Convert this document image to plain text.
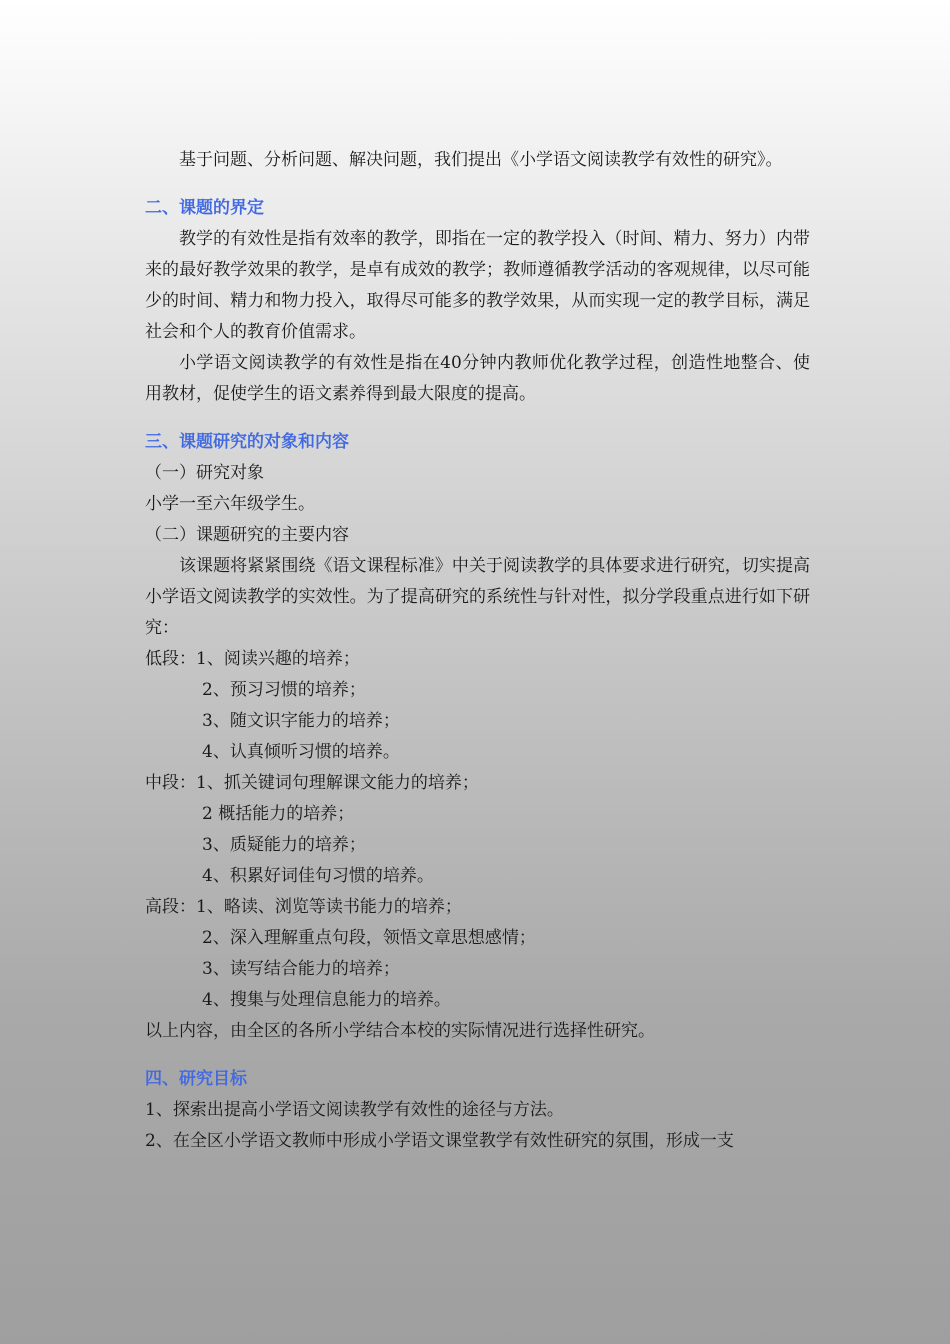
基于问题、分析问题、解决问题，我们提出《小学语文阅读教学有效性的研究》。

二、课题的界定

教学的有效性是指有效率的教学，即指在一定的教学投入（时间、精力、努力）内带来的最好教学效果的教学，是卓有成效的教学；教师遵循教学活动的客观规律，以尽可能少的时间、精力和物力投入，取得尽可能多的教学效果，从而实现一定的教学目标，满足社会和个人的教育价值需求。

小学语文阅读教学的有效性是指在40分钟内教师优化教学过程，创造性地整合、使用教材，促使学生的语文素养得到最大限度的提高。

三、课题研究的对象和内容

（一）研究对象

小学一至六年级学生。

（二）课题研究的主要内容

该课题将紧紧围绕《语文课程标准》中关于阅读教学的具体要求进行研究，切实提高小学语文阅读教学的实效性。为了提高研究的系统性与针对性，拟分学段重点进行如下研究：

低段：1、阅读兴趣的培养；

2、预习习惯的培养；

3、随文识字能力的培养；

4、认真倾听习惯的培养。

中段：1、抓关键词句理解课文能力的培养；

2 概括能力的培养；

3、质疑能力的培养；

4、积累好词佳句习惯的培养。

高段：1、略读、浏览等读书能力的培养；

2、深入理解重点句段，领悟文章思想感情；

3、读写结合能力的培养；

4、搜集与处理信息能力的培养。

以上内容，由全区的各所小学结合本校的实际情况进行选择性研究。

四、研究目标

1、探索出提高小学语文阅读教学有效性的途径与方法。

2、在全区小学语文教师中形成小学语文课堂教学有效性研究的氛围，形成一支
